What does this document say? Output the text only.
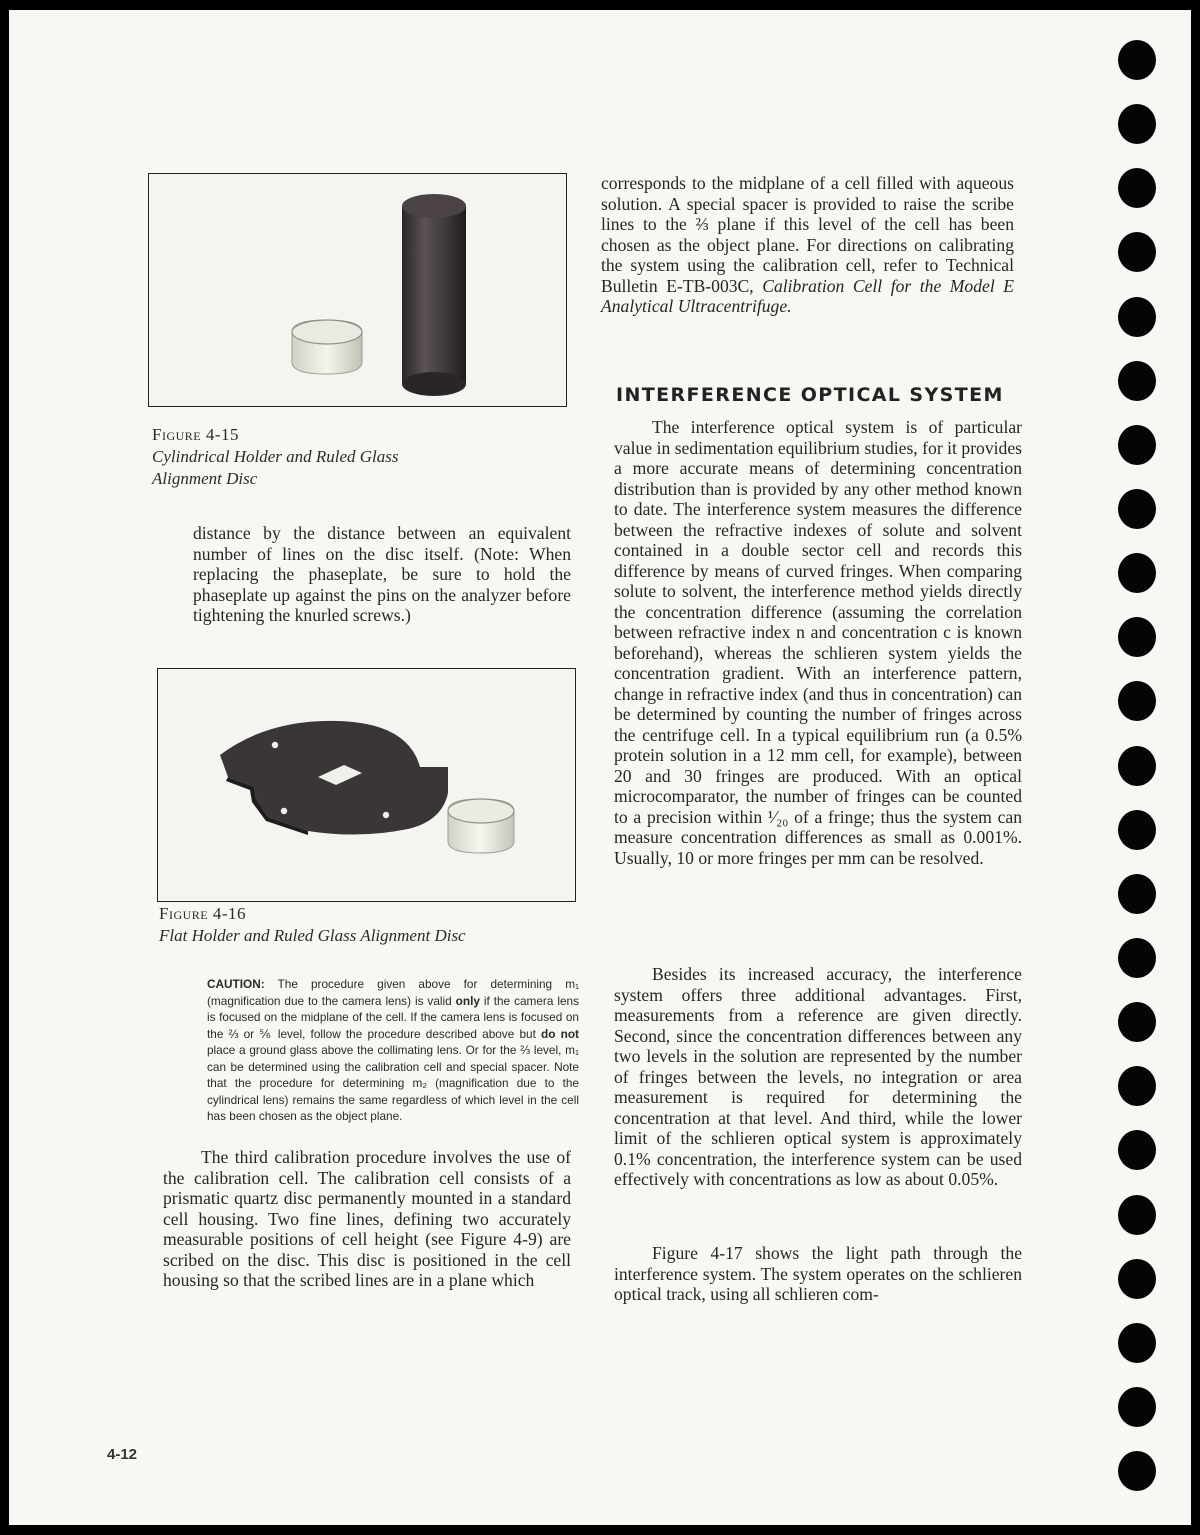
Figure 4-15
Cylindrical Holder and Ruled Glass
Alignment Disc

distance by the distance between an equivalent number of lines on the disc itself. (Note: When replacing the phaseplate, be sure to hold the phaseplate up against the pins on the analyzer before tightening the knurled screws.)

Figure 4-16
Flat Holder and Ruled Glass Alignment Disc

CAUTION: The procedure given above for determining m₁ (magnification due to the camera lens) is valid only if the camera lens is focused on the midplane of the cell. If the camera lens is focused on the ⅔ or ⅚ level, follow the procedure described above but do not place a ground glass above the collimating lens. Or for the ⅔ level, m₁ can be determined using the calibration cell and special spacer. Note that the procedure for determining m₂ (magnification due to the cylindrical lens) remains the same regardless of which level in the cell has been chosen as the object plane.

The third calibration procedure involves the use of the calibration cell. The calibration cell consists of a prismatic quartz disc permanently mounted in a standard cell housing. Two fine lines, defining two accurately measurable positions of cell height (see Figure 4-9) are scribed on the disc. This disc is positioned in the cell housing so that the scribed lines are in a plane which

corresponds to the midplane of a cell filled with aqueous solution. A special spacer is provided to raise the scribe lines to the ⅔ plane if this level of the cell has been chosen as the object plane. For directions on calibrating the system using the calibration cell, refer to Technical Bulletin E-TB-003C, Calibration Cell for the Model E Analytical Ultracentrifuge.

INTERFERENCE OPTICAL SYSTEM

The interference optical system is of particular value in sedimentation equilibrium studies, for it provides a more accurate means of determining concentration distribution than is provided by any other method known to date. The interference system measures the difference between the refractive indexes of solute and solvent contained in a double sector cell and records this difference by means of curved fringes. When comparing solute to solvent, the interference method yields directly the concentration difference (assuming the correlation between refractive index n and concentration c is known beforehand), whereas the schlieren system yields the concentration gradient. With an interference pattern, change in refractive index (and thus in concentration) can be determined by counting the number of fringes across the centrifuge cell. In a typical equilibrium run (a 0.5% protein solution in a 12 mm cell, for example), between 20 and 30 fringes are produced. With an optical microcomparator, the number of fringes can be counted to a precision within ¹⁄₂₀ of a fringe; thus the system can measure concentration differences as small as 0.001%. Usually, 10 or more fringes per mm can be resolved.

Besides its increased accuracy, the interference system offers three additional advantages. First, measurements from a reference are given directly. Second, since the concentration differences between any two levels in the solution are represented by the number of fringes between the levels, no integration or area measurement is required for determining the concentration at that level. And third, while the lower limit of the schlieren optical system is approximately 0.1% concentration, the interference system can be used effectively with concentrations as low as about 0.05%.

Figure 4-17 shows the light path through the interference system. The system operates on the schlieren optical track, using all schlieren com-

4-12
